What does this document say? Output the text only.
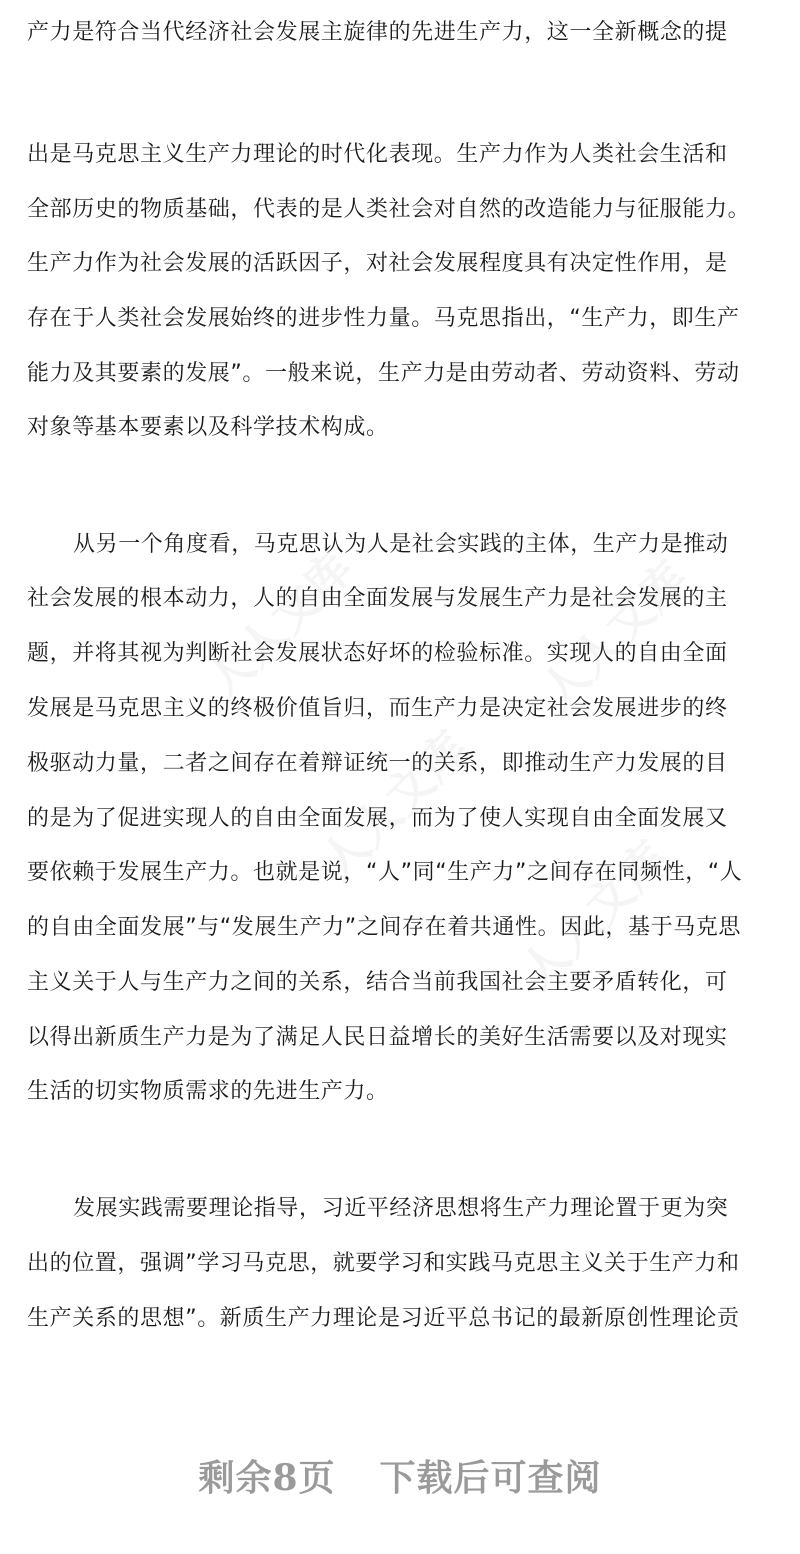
人人文库	人人文库
人人文库
人人文库
产力是符合当代经济社会发展主旋律的先进生产力，这一全新概念的提
出是马克思主义生产力理论的时代化表现。生产力作为人类社会生活和
全部历史的物质基础，代表的是人类社会对自然的改造能力与征服能力。
生产力作为社会发展的活跃因子，对社会发展程度具有决定性作用，是
存在于人类社会发展始终的进步性力量。马克思指出，“生产力，即生产
能力及其要素的发展”。一般来说，生产力是由劳动者、劳动资料、劳动
对象等基本要素以及科学技术构成。
从另一个角度看，马克思认为人是社会实践的主体，生产力是推动
社会发展的根本动力，人的自由全面发展与发展生产力是社会发展的主
题，并将其视为判断社会发展状态好坏的检验标准。实现人的自由全面
发展是马克思主义的终极价值旨归，而生产力是决定社会发展进步的终
极驱动力量，二者之间存在着辩证统一的关系，即推动生产力发展的目
的是为了促进实现人的自由全面发展，而为了使人实现自由全面发展又
要依赖于发展生产力。也就是说，“人”同“生产力”之间存在同频性，“人
的自由全面发展”与“发展生产力”之间存在着共通性。因此，基于马克思
主义关于人与生产力之间的关系，结合当前我国社会主要矛盾转化，可
以得出新质生产力是为了满足人民日益增长的美好生活需要以及对现实
生活的切实物质需求的先进生产力。
发展实践需要理论指导，习近平经济思想将生产力理论置于更为突
出的位置，强调”学习马克思，就要学习和实践马克思主义关于生产力和
生产关系的思想”。新质生产力理论是习近平总书记的最新原创性理论贡
剩余8页 下载后可查阅
